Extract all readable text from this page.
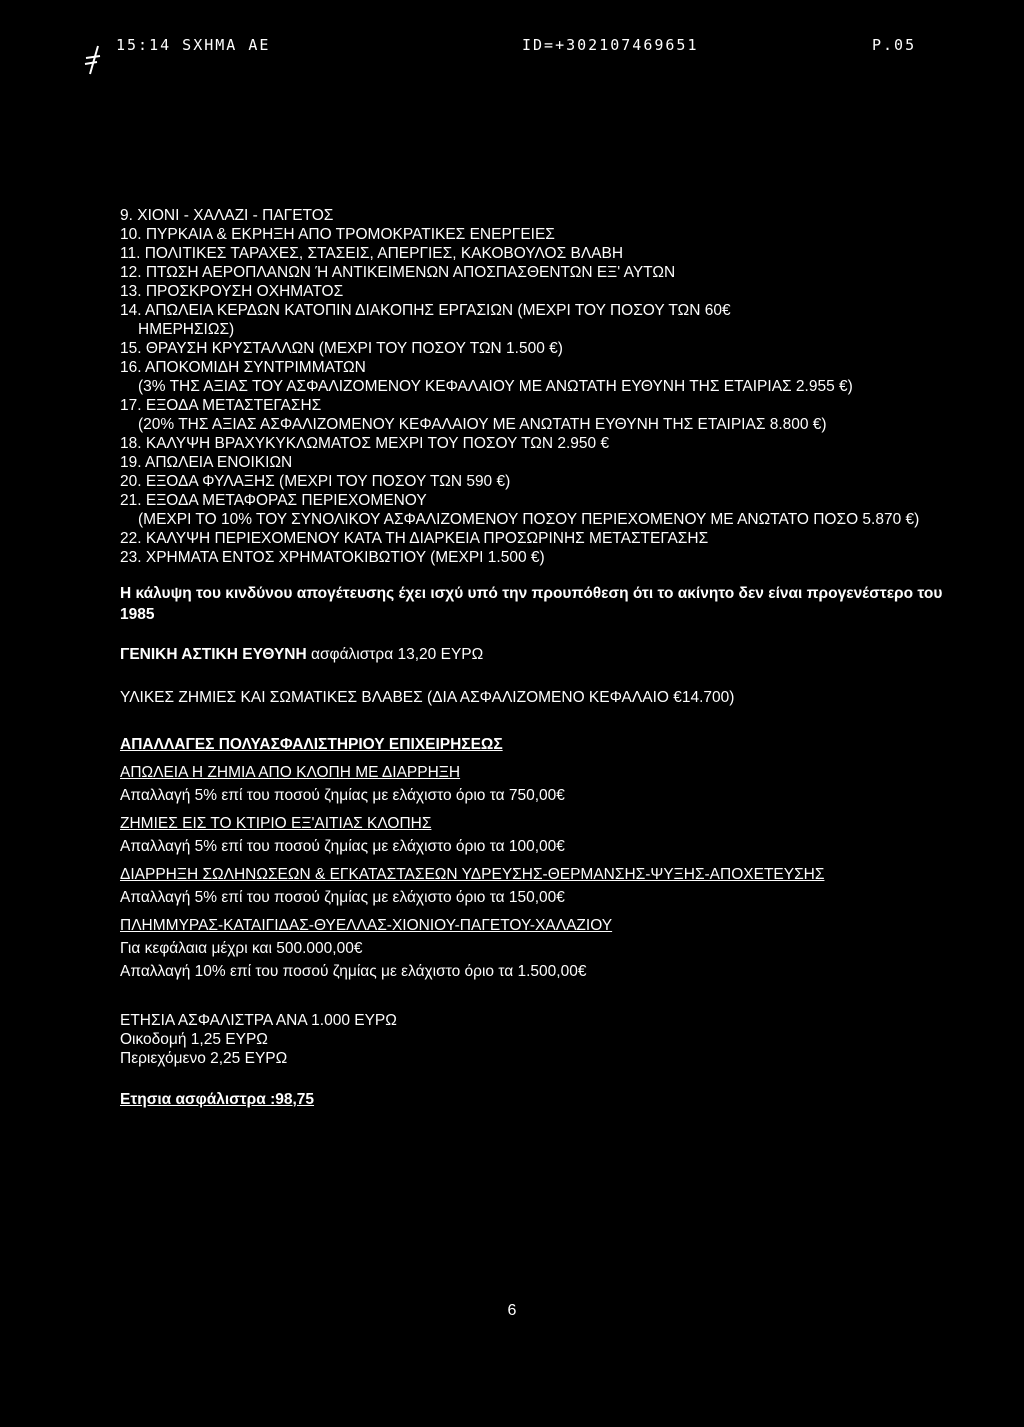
15:14 SXHMA AE	ID=+302107469651	P.05
9. ΧΙΟΝΙ - ΧΑΛΑΖΙ - ΠΑΓΕΤΟΣ
10. ΠΥΡΚΑΙΑ & ΕΚΡΗΞΗ ΑΠΟ ΤΡΟΜΟΚΡΑΤΙΚΕΣ ΕΝΕΡΓΕΙΕΣ
11. ΠΟΛΙΤΙΚΕΣ ΤΑΡΑΧΕΣ, ΣΤΑΣΕΙΣ, ΑΠΕΡΓΙΕΣ, ΚΑΚΟΒΟΥΛΟΣ ΒΛΑΒΗ
12. ΠΤΩΣΗ ΑΕΡΟΠΛΑΝΩΝ Ή ΑΝΤΙΚΕΙΜΕΝΩΝ ΑΠΟΣΠΑΣΘΕΝΤΩΝ ΕΞ' ΑΥΤΩΝ
13. ΠΡΟΣΚΡΟΥΣΗ ΟΧΗΜΑΤΟΣ
14. ΑΠΩΛΕΙΑ ΚΕΡΔΩΝ ΚΑΤΟΠΙΝ ΔΙΑΚΟΠΗΣ ΕΡΓΑΣΙΩΝ (ΜΕΧΡΙ ΤΟΥ ΠΟΣΟΥ ΤΩΝ 60€
ΗΜΕΡΗΣΙΩΣ)
15. ΘΡΑΥΣΗ ΚΡΥΣΤΑΛΛΩΝ (ΜΕΧΡΙ ΤΟΥ ΠΟΣΟΥ ΤΩΝ 1.500 €)
16. ΑΠΟΚΟΜΙΔΗ ΣΥΝΤΡΙΜΜΑΤΩΝ
(3% ΤΗΣ ΑΞΙΑΣ ΤΟΥ ΑΣΦΑΛΙΖΟΜΕΝΟΥ ΚΕΦΑΛΑΙΟΥ ΜΕ ΑΝΩΤΑΤΗ ΕΥΘΥΝΗ ΤΗΣ ΕΤΑΙΡΙΑΣ 2.955 €)
17. ΕΞΟΔΑ ΜΕΤΑΣΤΕΓΑΣΗΣ
(20% ΤΗΣ ΑΞΙΑΣ ΑΣΦΑΛΙΖΟΜΕΝΟΥ ΚΕΦΑΛΑΙΟΥ ΜΕ ΑΝΩΤΑΤΗ ΕΥΘΥΝΗ ΤΗΣ ΕΤΑΙΡΙΑΣ 8.800 €)
18. ΚΑΛΥΨΗ ΒΡΑΧΥΚΥΚΛΩΜΑΤΟΣ ΜΕΧΡΙ ΤΟΥ ΠΟΣΟΥ ΤΩΝ 2.950 €
19. ΑΠΩΛΕΙΑ ΕΝΟΙΚΙΩΝ
20. ΕΞΟΔΑ ΦΥΛΑΞΗΣ (ΜΕΧΡΙ ΤΟΥ ΠΟΣΟΥ ΤΩΝ 590 €)
21. ΕΞΟΔΑ ΜΕΤΑΦΟΡΑΣ ΠΕΡΙΕΧΟΜΕΝΟΥ
(ΜΕΧΡΙ ΤΟ 10% ΤΟΥ ΣΥΝΟΛΙΚΟΥ ΑΣΦΑΛΙΖΟΜΕΝΟΥ ΠΟΣΟΥ ΠΕΡΙΕΧΟΜΕΝΟΥ ΜΕ ΑΝΩΤΑΤΟ ΠΟΣΟ 5.870 €)
22. ΚΑΛΥΨΗ ΠΕΡΙΕΧΟΜΕΝΟΥ ΚΑΤΑ ΤΗ ΔΙΑΡΚΕΙΑ ΠΡΟΣΩΡΙΝΗΣ ΜΕΤΑΣΤΕΓΑΣΗΣ
23. ΧΡΗΜΑΤΑ ΕΝΤΟΣ ΧΡΗΜΑΤΟΚΙΒΩΤΙΟΥ (ΜΕΧΡΙ 1.500 €)
Η κάλυψη του κινδύνου απογέτευσης έχει ισχύ υπό την προυπόθεση ότι το ακίνητο δεν είναι προγενέστερο του 1985
ΓΕΝΙΚΗ ΑΣΤΙΚΗ ΕΥΘΥΝΗ ασφάλιστρα 13,20 ΕΥΡΩ
ΥΛΙΚΕΣ ΖΗΜΙΕΣ ΚΑΙ ΣΩΜΑΤΙΚΕΣ ΒΛΑΒΕΣ (ΔΙΑ ΑΣΦΑΛΙΖΟΜΕΝΟ ΚΕΦΑΛΑΙΟ €14.700)
ΑΠΑΛΛΑΓΕΣ ΠΟΛΥΑΣΦΑΛΙΣΤΗΡΙΟΥ ΕΠΙΧΕΙΡΗΣΕΩΣ
ΑΠΩΛΕΙΑ Η ΖΗΜΙΑ ΑΠΟ ΚΛΟΠΗ ΜΕ ΔΙΑΡΡΗΞΗ
Απαλλαγή 5% επί του ποσού ζημίας με ελάχιστο όριο τα 750,00€
ΖΗΜΙΕΣ ΕΙΣ ΤΟ ΚΤΙΡΙΟ ΕΞ'ΑΙΤΙΑΣ ΚΛΟΠΗΣ
Απαλλαγή 5% επί του ποσού ζημίας με ελάχιστο όριο τα 100,00€
ΔΙΑΡΡΗΞΗ ΣΩΛΗΝΩΣΕΩΝ & ΕΓΚΑΤΑΣΤΑΣΕΩΝ ΥΔΡΕΥΣΗΣ-ΘΕΡΜΑΝΣΗΣ-ΨΥΞΗΣ-ΑΠΟΧΕΤΕΥΣΗΣ
Απαλλαγή 5% επί του ποσού ζημίας με ελάχιστο όριο τα 150,00€
ΠΛΗΜΜΥΡΑΣ-ΚΑΤΑΙΓΙΔΑΣ-ΘΥΕΛΛΑΣ-ΧΙΟΝΙΟΥ-ΠΑΓΕΤΟΥ-ΧΑΛΑΖΙΟΥ
Για κεφάλαια μέχρι και 500.000,00€
Απαλλαγή 10% επί του ποσού ζημίας με ελάχιστο όριο τα 1.500,00€
ΕΤΗΣΙΑ ΑΣΦΑΛΙΣΤΡΑ ΑΝΑ 1.000 ΕΥΡΩ
Οικοδομή 1,25 ΕΥΡΩ
Περιεχόμενο 2,25 ΕΥΡΩ
Ετησια ασφάλιστρα :98,75
6
